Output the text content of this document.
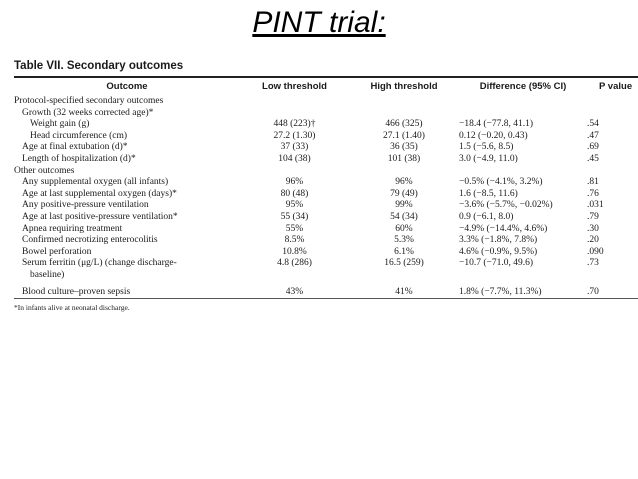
PINT trial:
Table VII. Secondary outcomes
Outcome	Low threshold	High threshold	Difference (95% CI)	P value
Protocol-specified secondary outcomes				
Growth (32 weeks corrected age)*				
Weight gain (g)	448 (223)†	466 (325)	−18.4 (−77.8, 41.1)	.54
Head circumference (cm)	27.2 (1.30)	27.1 (1.40)	0.12 (−0.20, 0.43)	.47
Age at final extubation (d)*	37 (33)	36 (35)	1.5 (−5.6, 8.5)	.69
Length of hospitalization (d)*	104 (38)	101 (38)	3.0 (−4.9, 11.0)	.45
Other outcomes				
Any supplemental oxygen (all infants)	96%	96%	−0.5% (−4.1%, 3.2%)	.81
Age at last supplemental oxygen (days)*	80 (48)	79 (49)	1.6 (−8.5, 11.6)	.76
Any positive-pressure ventilation	95%	99%	−3.6% (−5.7%, −0.02%)	.031
Age at last positive-pressure ventilation*	55 (34)	54 (34)	0.9 (−6.1, 8.0)	.79
Apnea requiring treatment	55%	60%	−4.9% (−14.4%, 4.6%)	.30
Confirmed necrotizing enterocolitis	8.5%	5.3%	3.3% (−1.8%, 7.8%)	.20
Bowel perforation	10.8%	6.1%	4.6% (−0.9%, 9.5%)	.090
Serum ferritin (μg/L) (change discharge-	4.8 (286)	16.5 (259)	−10.7 (−71.0, 49.6)	.73
baseline)				
Blood culture–proven sepsis	43%	41%	1.8% (−7.7%, 11.3%)	.70
*In infants alive at neonatal discharge.
